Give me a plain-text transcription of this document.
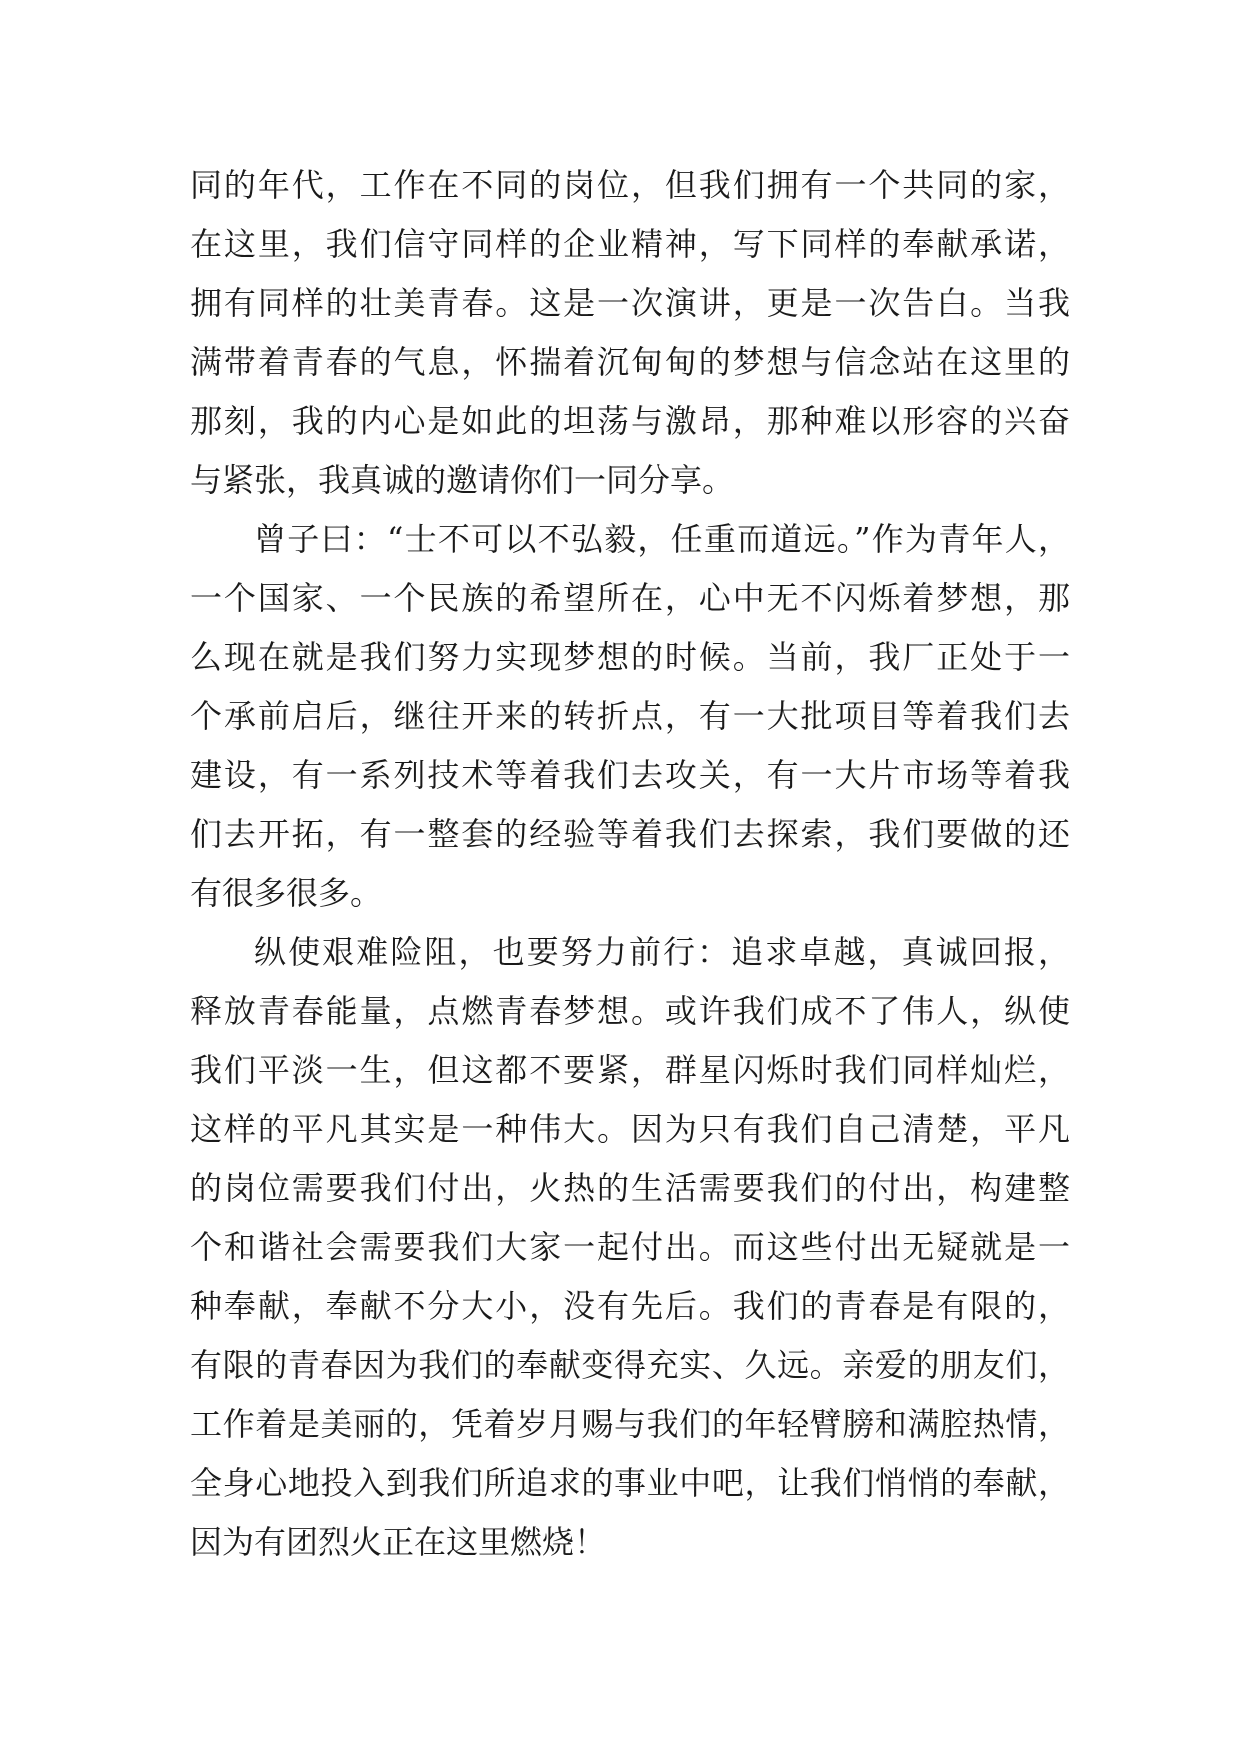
同的年代，工作在不同的岗位，但我们拥有一个共同的家，
在这里，我们信守同样的企业精神，写下同样的奉献承诺，
拥有同样的壮美青春。这是一次演讲，更是一次告白。当我
满带着青春的气息，怀揣着沉甸甸的梦想与信念站在这里的
那刻，我的内心是如此的坦荡与激昂，那种难以形容的兴奋
与紧张，我真诚的邀请你们一同分享。
曾子曰：“士不可以不弘毅，任重而道远。”作为青年人，
一个国家、一个民族的希望所在，心中无不闪烁着梦想，那
么现在就是我们努力实现梦想的时候。当前，我厂正处于一
个承前启后，继往开来的转折点，有一大批项目等着我们去
建设，有一系列技术等着我们去攻关，有一大片市场等着我
们去开拓，有一整套的经验等着我们去探索，我们要做的还
有很多很多。
纵使艰难险阻，也要努力前行：追求卓越，真诚回报，
释放青春能量，点燃青春梦想。或许我们成不了伟人，纵使
我们平淡一生，但这都不要紧，群星闪烁时我们同样灿烂，
这样的平凡其实是一种伟大。因为只有我们自己清楚，平凡
的岗位需要我们付出，火热的生活需要我们的付出，构建整
个和谐社会需要我们大家一起付出。而这些付出无疑就是一
种奉献，奉献不分大小，没有先后。我们的青春是有限的，
有限的青春因为我们的奉献变得充实、久远。亲爱的朋友们，
工作着是美丽的，凭着岁月赐与我们的年轻臂膀和满腔热情，
全身心地投入到我们所追求的事业中吧，让我们悄悄的奉献，
因为有团烈火正在这里燃烧！
